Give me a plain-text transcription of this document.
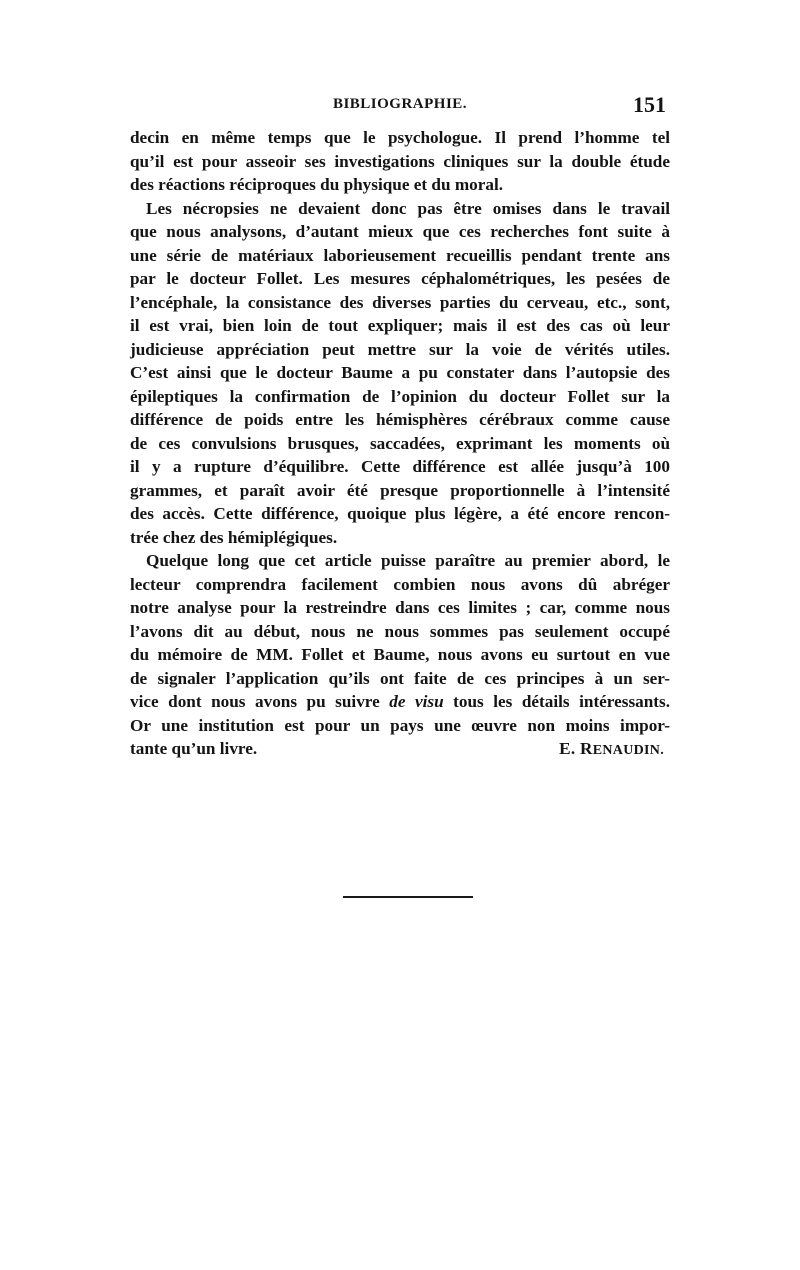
BIBLIOGRAPHIE.	151
decin en même temps que le psychologue. Il prend l’homme tel
qu’il est pour asseoir ses investigations cliniques sur la double étude
des réactions réciproques du physique et du moral.
Les nécropsies ne devaient donc pas être omises dans le travail
que nous analysons, d’autant mieux que ces recherches font suite à
une série de matériaux laborieusement recueillis pendant trente ans
par le docteur Follet. Les mesures céphalométriques, les pesées de
l’encéphale, la consistance des diverses parties du cerveau, etc., sont,
il est vrai, bien loin de tout expliquer; mais il est des cas où leur
judicieuse appréciation peut mettre sur la voie de vérités utiles.
C’est ainsi que le docteur Baume a pu constater dans l’autopsie des
épileptiques la confirmation de l’opinion du docteur Follet sur la
différence de poids entre les hémisphères cérébraux comme cause
de ces convulsions brusques, saccadées, exprimant les moments où
il y a rupture d’équilibre. Cette différence est allée jusqu’à 100
grammes, et paraît avoir été presque proportionnelle à l’intensité
des accès. Cette différence, quoique plus légère, a été encore rencon-
trée chez des hémiplégiques.
Quelque long que cet article puisse paraître au premier abord, le
lecteur comprendra facilement combien nous avons dû abréger
notre analyse pour la restreindre dans ces limites ; car, comme nous
l’avons dit au début, nous ne nous sommes pas seulement occupé
du mémoire de MM. Follet et Baume, nous avons eu surtout en vue
de signaler l’application qu’ils ont faite de ces principes à un ser-
vice dont nous avons pu suivre de visu tous les détails intéressants.
Or une institution est pour un pays une œuvre non moins impor-
tante qu’un livre.	E. RENAUDIN.
